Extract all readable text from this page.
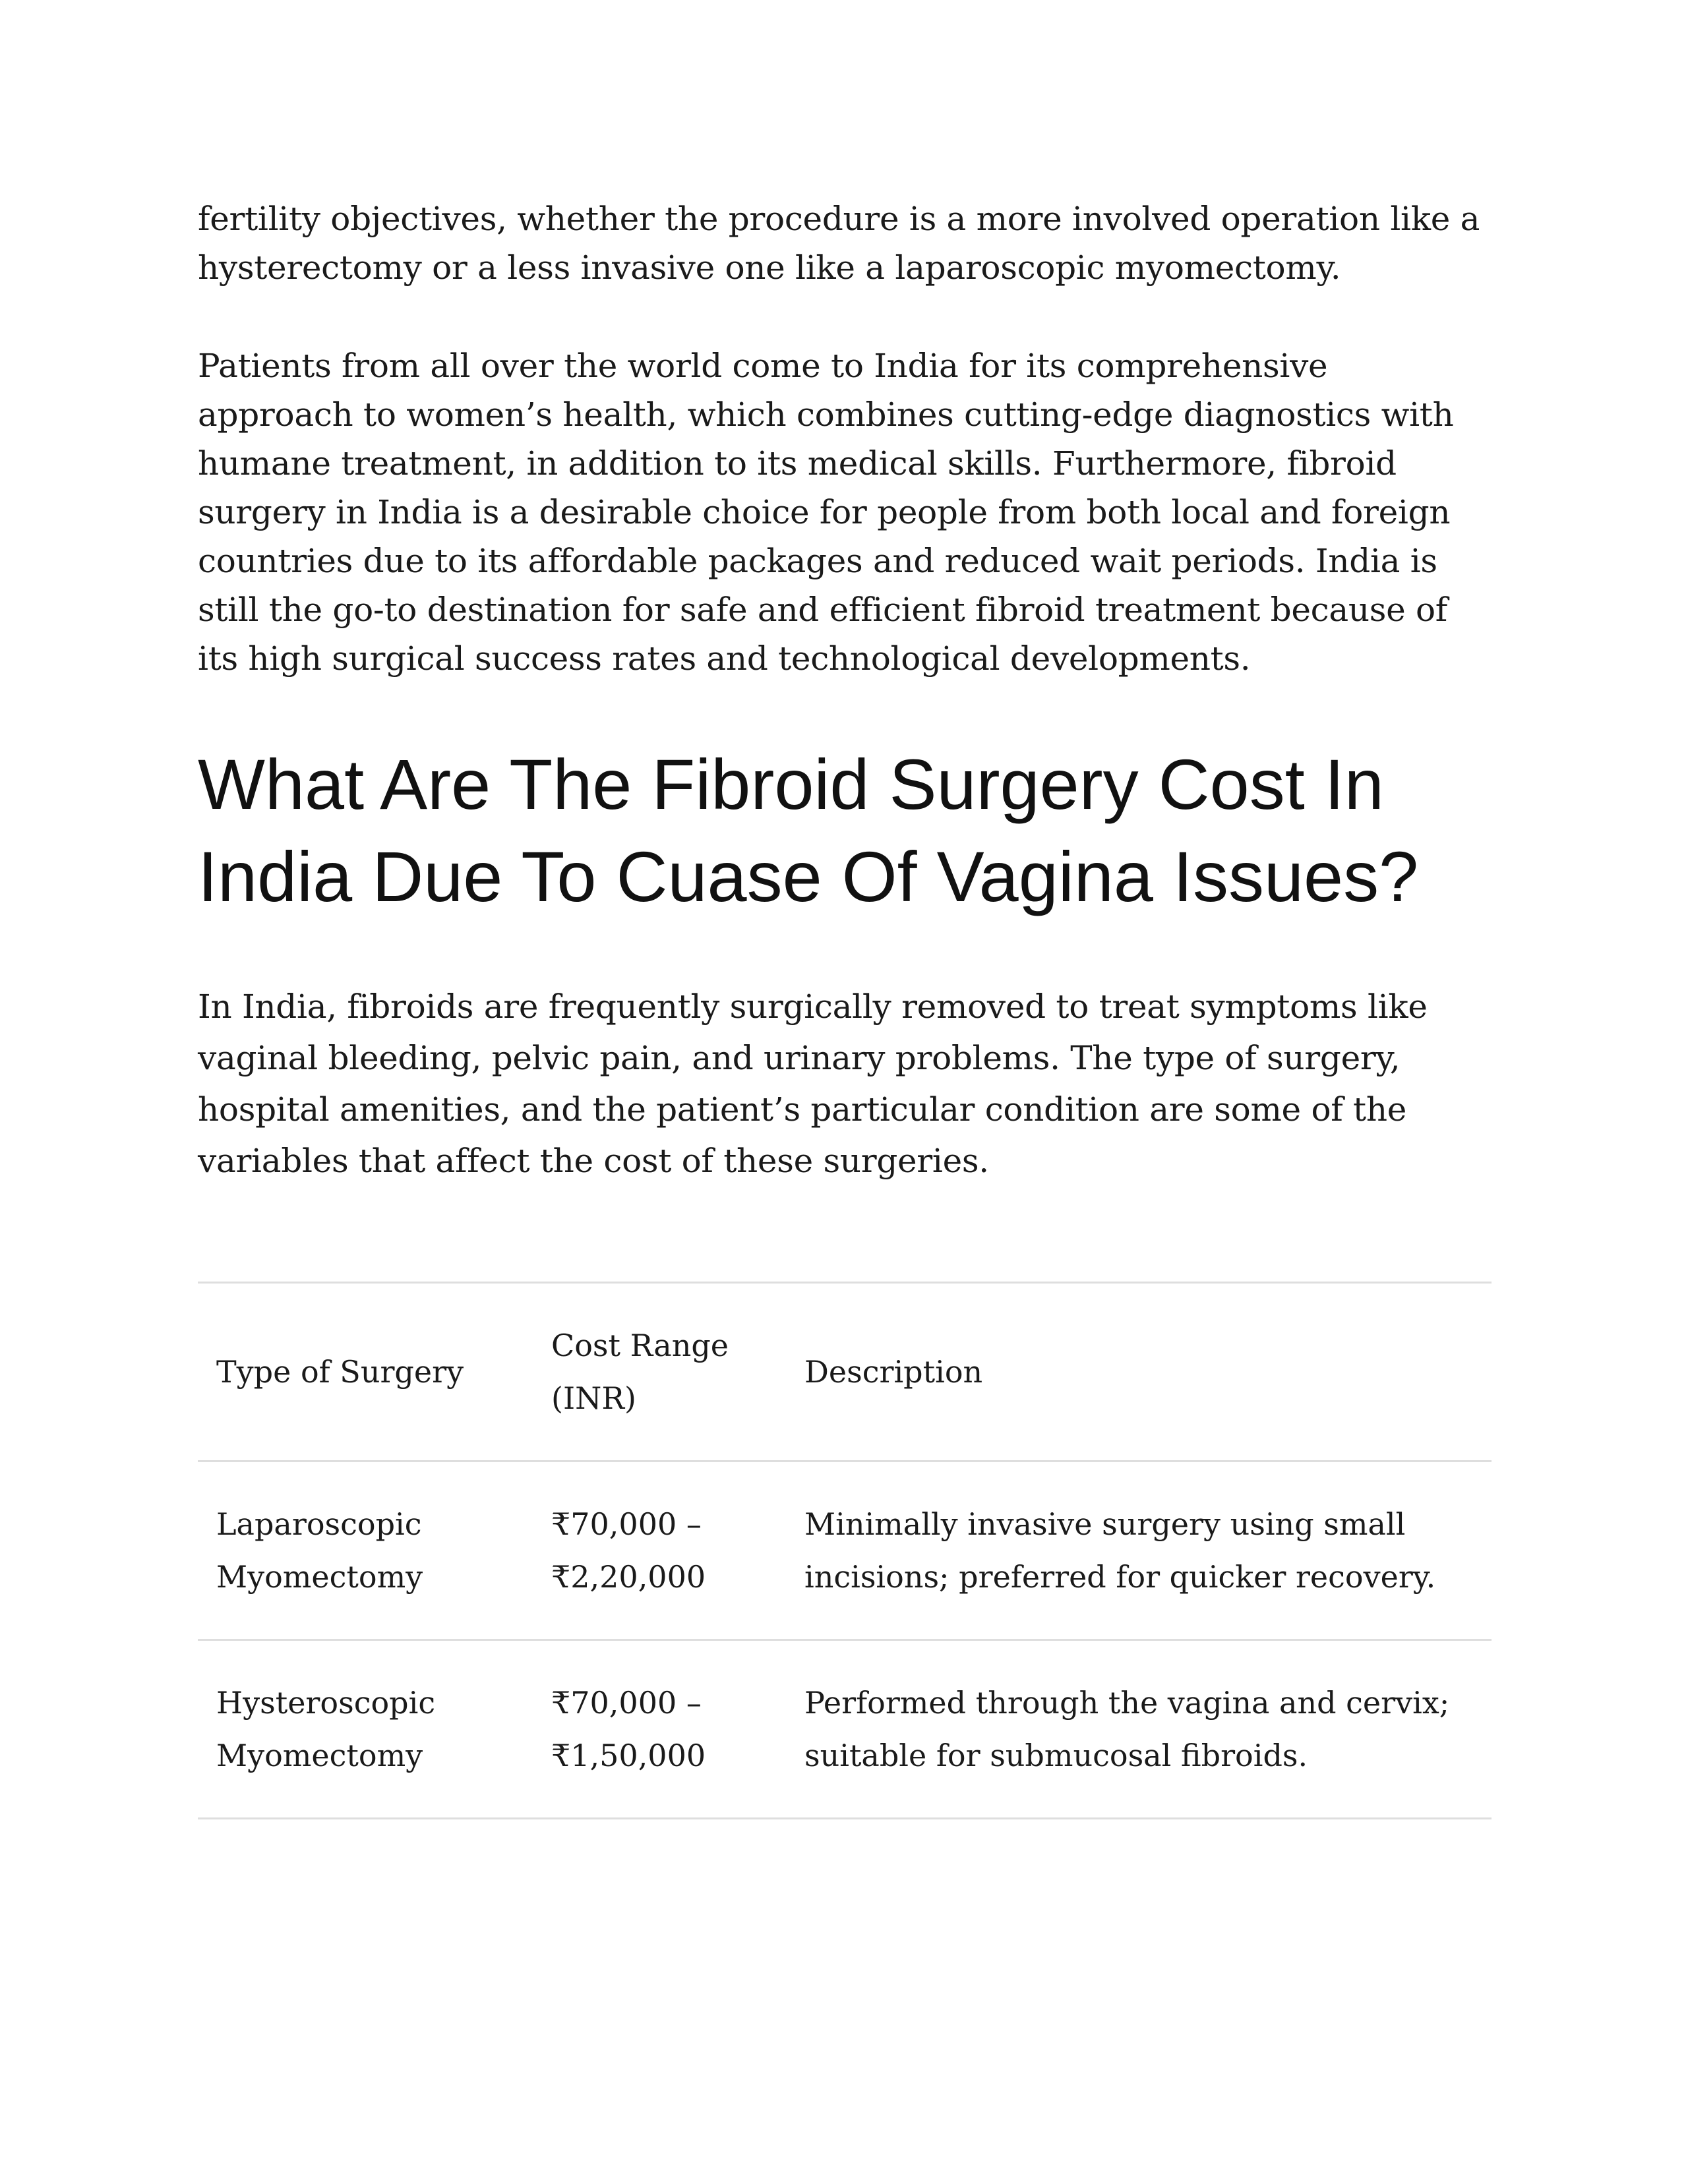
fertility objectives, whether the procedure is a more involved operation like a hysterectomy or a less invasive one like a laparoscopic myomectomy.

Patients from all over the world come to India for its comprehensive approach to women’s health, which combines cutting-edge diagnostics with humane treatment, in addition to its medical skills. Furthermore, fibroid surgery in India is a desirable choice for people from both local and foreign countries due to its affordable packages and reduced wait periods. India is still the go-to destination for safe and efficient fibroid treatment because of its high surgical success rates and technological developments.

What Are The Fibroid Surgery Cost In India Due To Cuase Of Vagina Issues?

In India, fibroids are frequently surgically removed to treat symptoms like vaginal bleeding, pelvic pain, and urinary problems. The type of surgery, hospital amenities, and the patient’s particular condition are some of the variables that affect the cost of these surgeries.

Type of Surgery	Cost Range (INR)	Description
Laparoscopic Myomectomy	₹70,000 – ₹2,20,000	Minimally invasive surgery using small incisions; preferred for quicker recovery.
Hysteroscopic Myomectomy	₹70,000 – ₹1,50,000	Performed through the vagina and cervix; suitable for submucosal fibroids.
